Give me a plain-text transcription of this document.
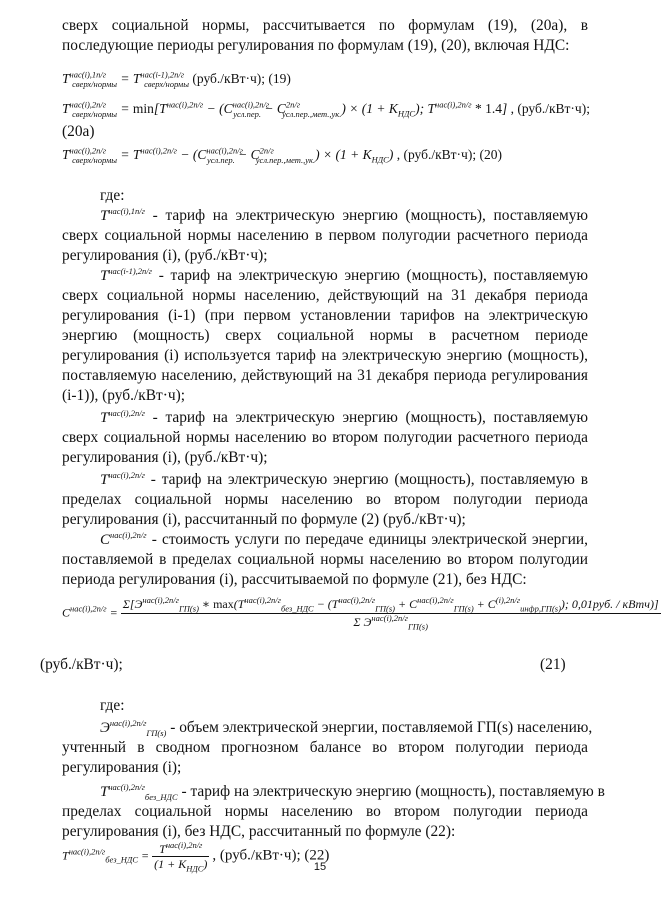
сверх социальной нормы, рассчитывается по формулам (19), (20а), в
последующие периоды регулирования по формулам (19), (20), включая НДС:
$T^{нас(i),1п/г}_{сверх/нормы} = T^{нас(i-1),2п/г}_{сверх/нормы}$ (руб./кВт·ч); (19)
$T^{нас(i),2п/г}_{сверх/нормы} = \min[T^{нас(i),2п/г} - (C^{нас(i),2п/г}_{усл.пер.} - C^{2п/г}_{усл.пер.,мет.,ук.}) \times (1 + K_{НДС})$; $T^{нас(i),2п/г} * 1.4$] , (руб./кВт·ч);
(20а)
$T^{нас(i),2п/г}_{сверх/нормы} = T^{нас(i),2п/г} - (C^{нас(i),2п/г}_{усл.пер.} - C^{2п/г}_{усл.пер.,мет.,ук.}) \times (1 + K_{НДС})$ , (руб./кВт·ч); (20)
где:
$T^{нас(i),1п/г}$ - тариф на электрическую энергию (мощность), поставляемую
сверх социальной нормы населению в первом полугодии расчетного периода
регулирования (i), (руб./кВт·ч);
$T^{нас(i-1),2п/г}$ - тариф на электрическую энергию (мощность), поставляемую
сверх социальной нормы населению, действующий на 31 декабря периода
регулирования (i-1) (при первом установлении тарифов на электрическую
энергию (мощность) сверх социальной нормы в расчетном периоде
регулирования (i) используется тариф на электрическую энергию (мощность),
поставляемую населению, действующий на 31 декабря периода регулирования
(i-1)), (руб./кВт·ч);
$T^{нас(i),2п/г}$ - тариф на электрическую энергию (мощность), поставляемую
сверх социальной нормы населению во втором полугодии расчетного периода
регулирования (i), (руб./кВт·ч);
$T^{нас(i),2п/г}$ - тариф на электрическую энергию (мощность), поставляемую в
пределах социальной нормы населению во втором полугодии периода
регулирования (i), рассчитанный по формуле (2) (руб./кВт·ч);
$C^{нас(i),2п/г}$ - стоимость услуги по передаче единицы электрической энергии,
поставляемой в пределах социальной нормы населению во втором полугодии
периода регулирования (i), рассчитываемой по формуле (21), без НДС:
$C^{нас(i),2п/г}$ =
$\Sigma[Э^{нас(i),2п/г}_{ГП(s)}$ ∗ $\max(T^{нас(i),2п/г}_{без\_НДС} - (T^{нас(i),2п/г}_{ГП(s)} + C^{нас(i),2п/г}_{ГП(s)} + C^{(i),2п/г}_{инфр,ГП(s)})$; 0,01руб. / кВтч)]
Σ $Э^{нас(i),2п/г}_{ГП(s)}$
(руб./кВт·ч);	(21)
где:
$Э^{нас(i),2п/г}_{ГП(s)}$ - объем электрической энергии, поставляемой ГП(s) населению,
учтенный в сводном прогнозном балансе во втором полугодии периода
регулирования (i);
$T^{нас(i),2п/г}_{без\_НДС}$ - тариф на электрическую энергию (мощность), поставляемую в
пределах социальной нормы населению во втором полугодии периода
регулирования (i), без НДС, рассчитанный по формуле (22):
$T^{нас(i),2п/г}_{без\_НДС} = \frac{T^{нас(i),2п/г}}{(1 + K_{НДС})}$ , (руб./кВт·ч); (22)
15
